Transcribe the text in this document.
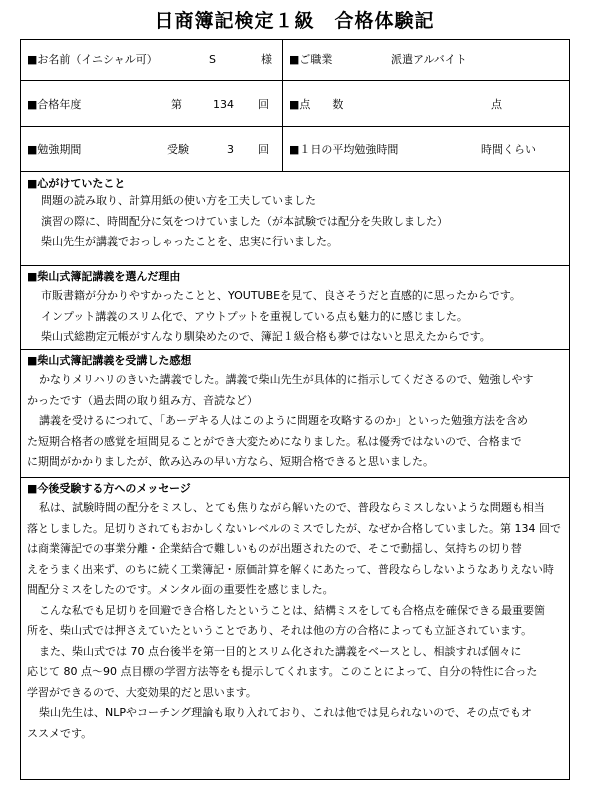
日商簿記検定１級　合格体験記
■お名前（イニシャル可）	S	様 ■ご職業	派遣アルバイト
■合格年度	第	134 回 ■点　　数	点
■勉強期間	受験	3 回 ■１日の平均勉強時間	時間くらい
■心がけていたこと
問題の読み取り、計算用紙の使い方を工夫していました
演習の際に、時間配分に気をつけていました（が本試験では配分を失敗しました）
柴山先生が講義でおっしゃったことを、忠実に行いました。
■柴山式簿記講義を選んだ理由
市販書籍が分かりやすかったことと、YOUTUBEを見て、良さそうだと直感的に思ったからです。
インプット講義のスリム化で、アウトプットを重視している点も魅力的に感じました。
柴山式総勘定元帳がすんなり馴染めたので、簿記１級合格も夢ではないと思えたからです。
■柴山式簿記講義を受講した感想
かなりメリハリのきいた講義でした。講義で柴山先生が具体的に指示してくださるので、勉強しやす
かったです（過去問の取り組み方、音読など）
講義を受けるにつれて、「あーデキる人はこのように問題を攻略するのか」といった勉強方法を含め
た短期合格者の感覚を垣間見ることができ大変ためになりました。私は優秀ではないので、合格まで
に期間がかかりましたが、飲み込みの早い方なら、短期合格できると思いました。
■今後受験する方へのメッセージ
私は、試験時間の配分をミスし、とても焦りながら解いたので、普段ならミスしないような問題も相当
落としました。足切りされてもおかしくないレベルのミスでしたが、なぜか合格していました。第 134 回で
は商業簿記での事業分離・企業結合で難しいものが出題されたので、そこで動揺し、気持ちの切り替
えをうまく出来ず、のちに続く工業簿記・原価計算を解くにあたって、普段ならしないようなありえない時
間配分ミスをしたのです。メンタル面の重要性を感じました。
こんな私でも足切りを回避でき合格したということは、結構ミスをしても合格点を確保できる最重要箇
所を、柴山式では押さえていたということであり、それは他の方の合格によっても立証されています。
また、柴山式では 70 点台後半を第一目的とスリム化された講義をベースとし、相談すれば個々に
応じて 80 点～90 点目標の学習方法等をも提示してくれます。このことによって、自分の特性に合った
学習ができるので、大変効果的だと思います。
柴山先生は、NLPやコーチング理論も取り入れており、これは他では見られないので、その点でもオ
ススメです。
